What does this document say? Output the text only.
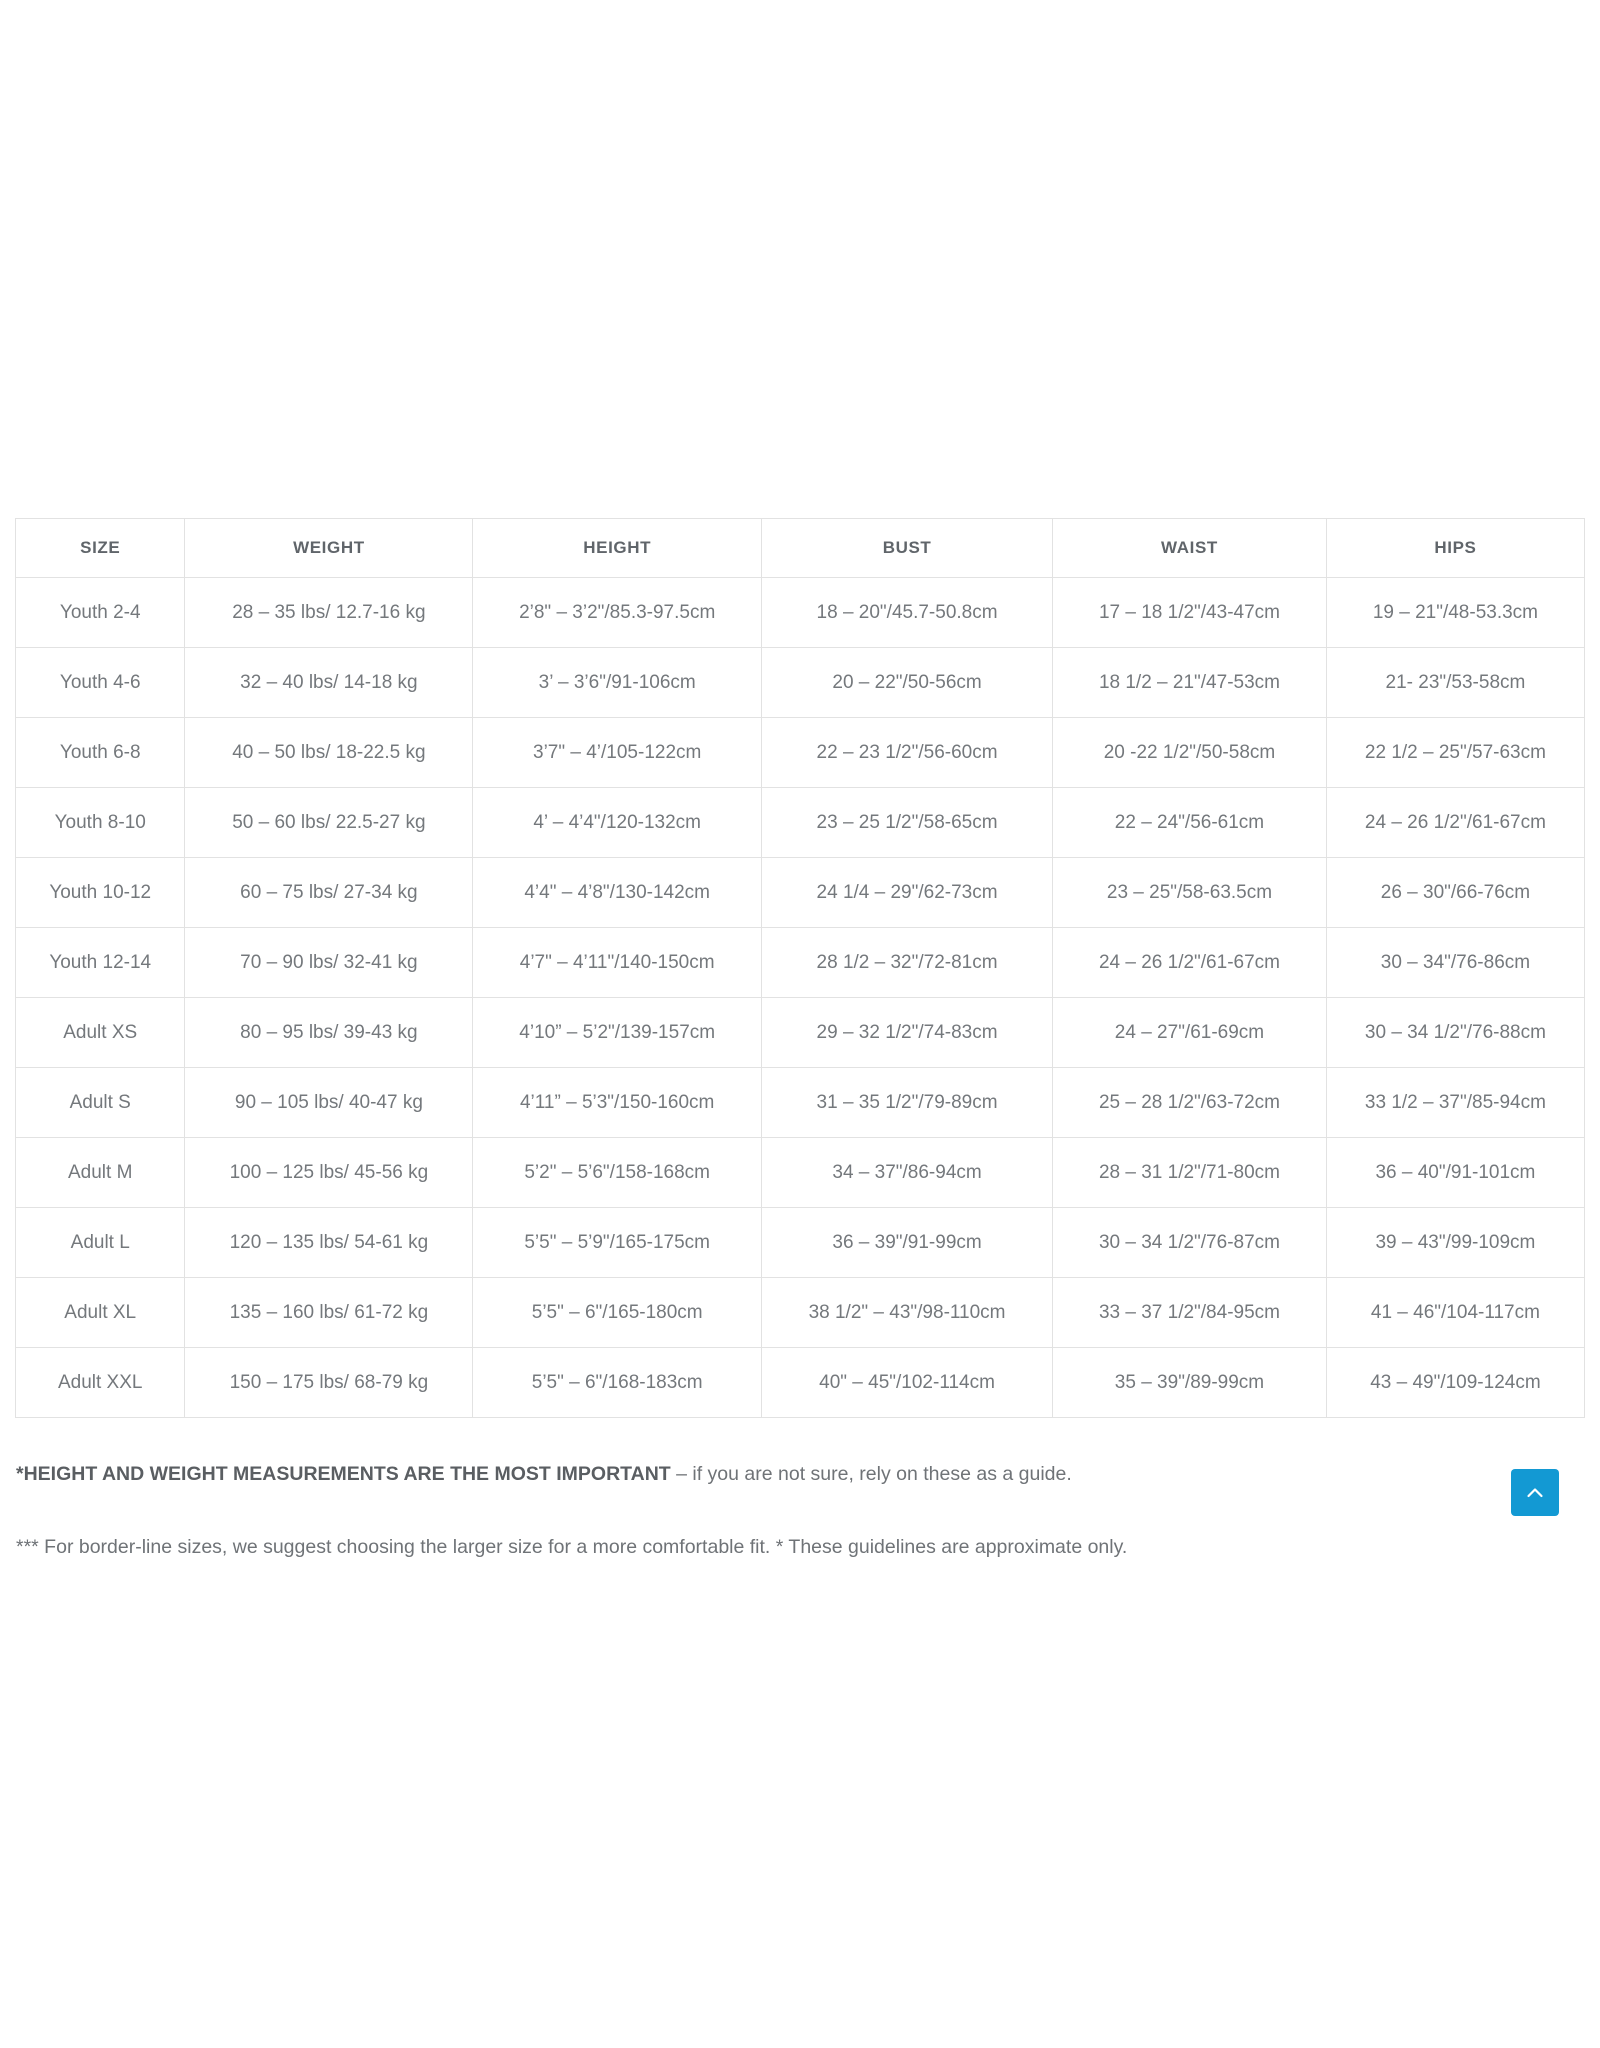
SIZE	WEIGHT	HEIGHT	BUST	WAIST	HIPS
Youth 2-4	28 – 35 lbs/ 12.7-16 kg	2’8" – 3’2"/85.3-97.5cm	18 – 20"/45.7-50.8cm	17 – 18 1/2"/43-47cm	19 – 21"/48-53.3cm
Youth 4-6	32 – 40 lbs/ 14-18 kg	3’ – 3’6"/91-106cm	20 – 22"/50-56cm	18 1/2 – 21"/47-53cm	21- 23"/53-58cm
Youth 6-8	40 – 50 lbs/ 18-22.5 kg	3’7" – 4’/105-122cm	22 – 23 1/2"/56-60cm	20 -22 1/2"/50-58cm	22 1/2 – 25"/57-63cm
Youth 8-10	50 – 60 lbs/ 22.5-27 kg	4’ – 4’4"/120-132cm	23 – 25 1/2"/58-65cm	22 – 24"/56-61cm	24 – 26 1/2"/61-67cm
Youth 10-12	60 – 75 lbs/ 27-34 kg	4’4" – 4’8"/130-142cm	24 1/4 – 29"/62-73cm	23 – 25"/58-63.5cm	26 – 30"/66-76cm
Youth 12-14	70 – 90 lbs/ 32-41 kg	4’7" – 4’11"/140-150cm	28 1/2 – 32"/72-81cm	24 – 26 1/2"/61-67cm	30 – 34"/76-86cm
Adult XS	80 – 95 lbs/ 39-43 kg	4’10” – 5’2"/139-157cm	29 – 32 1/2"/74-83cm	24 – 27"/61-69cm	30 – 34 1/2"/76-88cm
Adult S	90 – 105 lbs/ 40-47 kg	4’11” – 5’3"/150-160cm	31 – 35 1/2"/79-89cm	25 – 28 1/2"/63-72cm	33 1/2 – 37"/85-94cm
Adult M	100 – 125 lbs/ 45-56 kg	5’2" – 5’6"/158-168cm	34 – 37"/86-94cm	28 – 31 1/2"/71-80cm	36 – 40"/91-101cm
Adult L	120 – 135 lbs/ 54-61 kg	5’5" – 5’9"/165-175cm	36 – 39"/91-99cm	30 – 34 1/2"/76-87cm	39 – 43"/99-109cm
Adult XL	135 – 160 lbs/ 61-72 kg	5’5" – 6"/165-180cm	38 1/2" – 43"/98-110cm	33 – 37 1/2"/84-95cm	41 – 46"/104-117cm
Adult XXL	150 – 175 lbs/ 68-79 kg	5’5" – 6"/168-183cm	40" – 45"/102-114cm	35 – 39"/89-99cm	43 – 49"/109-124cm

*HEIGHT AND WEIGHT MEASUREMENTS ARE THE MOST IMPORTANT – if you are not sure, rely on these as a guide.

*** For border-line sizes, we suggest choosing the larger size for a more comfortable fit. * These guidelines are approximate only.
